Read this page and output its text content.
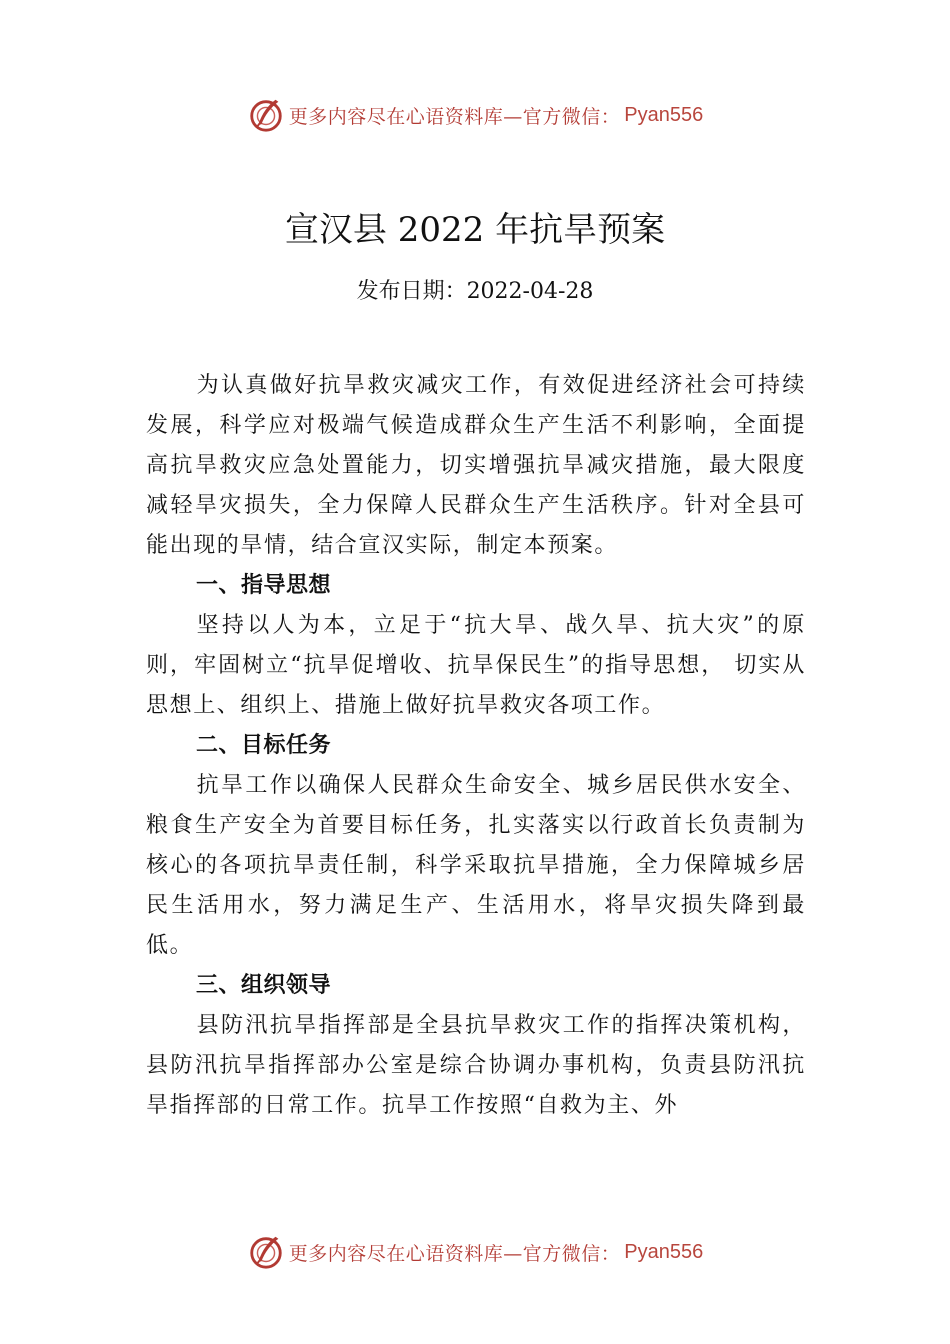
更多内容尽在心语资料库—官方微信： Pyan556
宣汉县 2022 年抗旱预案
发布日期：2022-04-28

为认真做好抗旱救灾减灾工作，有效促进经济社会可持续发展，科学应对极端气候造成群众生产生活不利影响，全面提高抗旱救灾应急处置能力，切实增强抗旱减灾措施，最大限度减轻旱灾损失，全力保障人民群众生产生活秩序。针对全县可能出现的旱情，结合宣汉实际，制定本预案。

一、指导思想

坚持以人为本，立足于“抗大旱、战久旱、抗大灾”的原则，牢固树立“抗旱促增收、抗旱保民生”的指导思想， 切实从思想上、组织上、措施上做好抗旱救灾各项工作。

二、目标任务

抗旱工作以确保人民群众生命安全、城乡居民供水安全、粮食生产安全为首要目标任务，扎实落实以行政首长负责制为核心的各项抗旱责任制，科学采取抗旱措施，全力保障城乡居民生活用水，努力满足生产、生活用水，将旱灾损失降到最低。

三、组织领导

县防汛抗旱指挥部是全县抗旱救灾工作的指挥决策机构，县防汛抗旱指挥部办公室是综合协调办事机构，负责县防汛抗旱指挥部的日常工作。抗旱工作按照“自救为主、外

更多内容尽在心语资料库—官方微信： Pyan556
